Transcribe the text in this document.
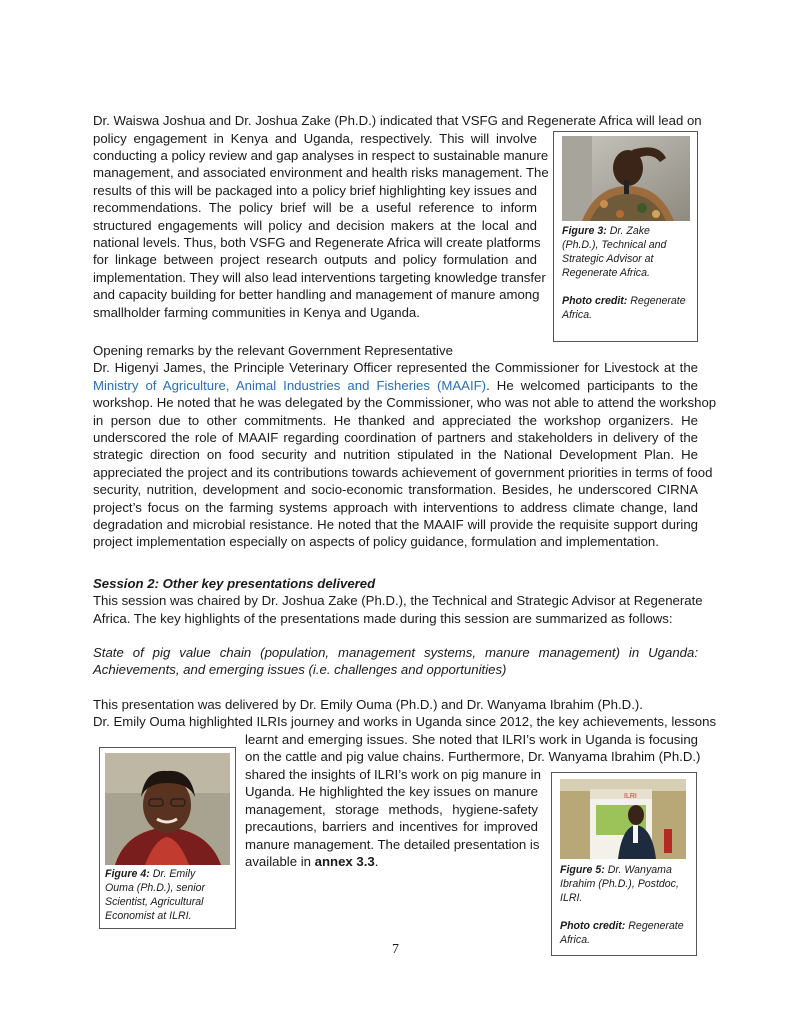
Dr. Waiswa Joshua and Dr. Joshua Zake (Ph.D.) indicated that VSFG and Regenerate Africa will lead on
policy engagement in Kenya and Uganda, respectively. This will involve
conducting a policy review and gap analyses in respect to sustainable manure
management, and associated environment and health risks management. The
results of this will be packaged into a policy brief highlighting key issues and
recommendations. The policy brief will be a useful reference to inform
structured engagements will policy and decision makers at the local and
national levels. Thus, both VSFG and Regenerate Africa will create platforms
for linkage between project research outputs and policy formulation and
implementation. They will also lead interventions targeting knowledge transfer
and capacity building for better handling and management of manure among
smallholder farming communities in Kenya and Uganda.
Figure 3: Dr. Zake
(Ph.D.), Technical and
Strategic Advisor at
Regenerate Africa.
Photo credit: Regenerate
Africa.
Opening remarks by the relevant Government Representative
Dr. Higenyi James, the Principle Veterinary Officer represented the Commissioner for Livestock at the
Ministry of Agriculture, Animal Industries and Fisheries (MAAIF). He welcomed participants to the
workshop. He noted that he was delegated by the Commissioner, who was not able to attend the workshop
in person due to other commitments. He thanked and appreciated the workshop organizers. He
underscored the role of MAAIF regarding coordination of partners and stakeholders in delivery of the
strategic direction on food security and nutrition stipulated in the National Development Plan. He
appreciated the project and its contributions towards achievement of government priorities in terms of food
security, nutrition, development and socio-economic transformation. Besides, he underscored CIRNA
project’s focus on the farming systems approach with interventions to address climate change, land
degradation and microbial resistance. He noted that the MAAIF will provide the requisite support during
project implementation especially on aspects of policy guidance, formulation and implementation.
Session 2: Other key presentations delivered
This session was chaired by Dr. Joshua Zake (Ph.D.), the Technical and Strategic Advisor at Regenerate
Africa. The key highlights of the presentations made during this session are summarized as follows:
State of pig value chain (population, management systems, manure management) in Uganda:
Achievements, and emerging issues (i.e. challenges and opportunities)
This presentation was delivered by Dr. Emily Ouma (Ph.D.) and Dr. Wanyama Ibrahim (Ph.D.).
Dr. Emily Ouma highlighted ILRIs journey and works in Uganda since 2012, the key achievements, lessons
learnt and emerging issues. She noted that ILRI’s work in Uganda is focusing
on the cattle and pig value chains. Furthermore, Dr. Wanyama Ibrahim (Ph.D.)
shared the insights of ILRI’s work on pig manure in
Uganda. He highlighted the key issues on manure
management, storage methods, hygiene-safety
precautions, barriers and incentives for improved
manure management. The detailed presentation is
available in annex 3.3.
Figure 4: Dr. Emily
Ouma (Ph.D.), senior
Scientist, Agricultural
Economist at ILRI.
ILRI
Figure 5: Dr. Wanyama
Ibrahim (Ph.D.), Postdoc,
ILRI.
Photo credit: Regenerate
Africa.
7
